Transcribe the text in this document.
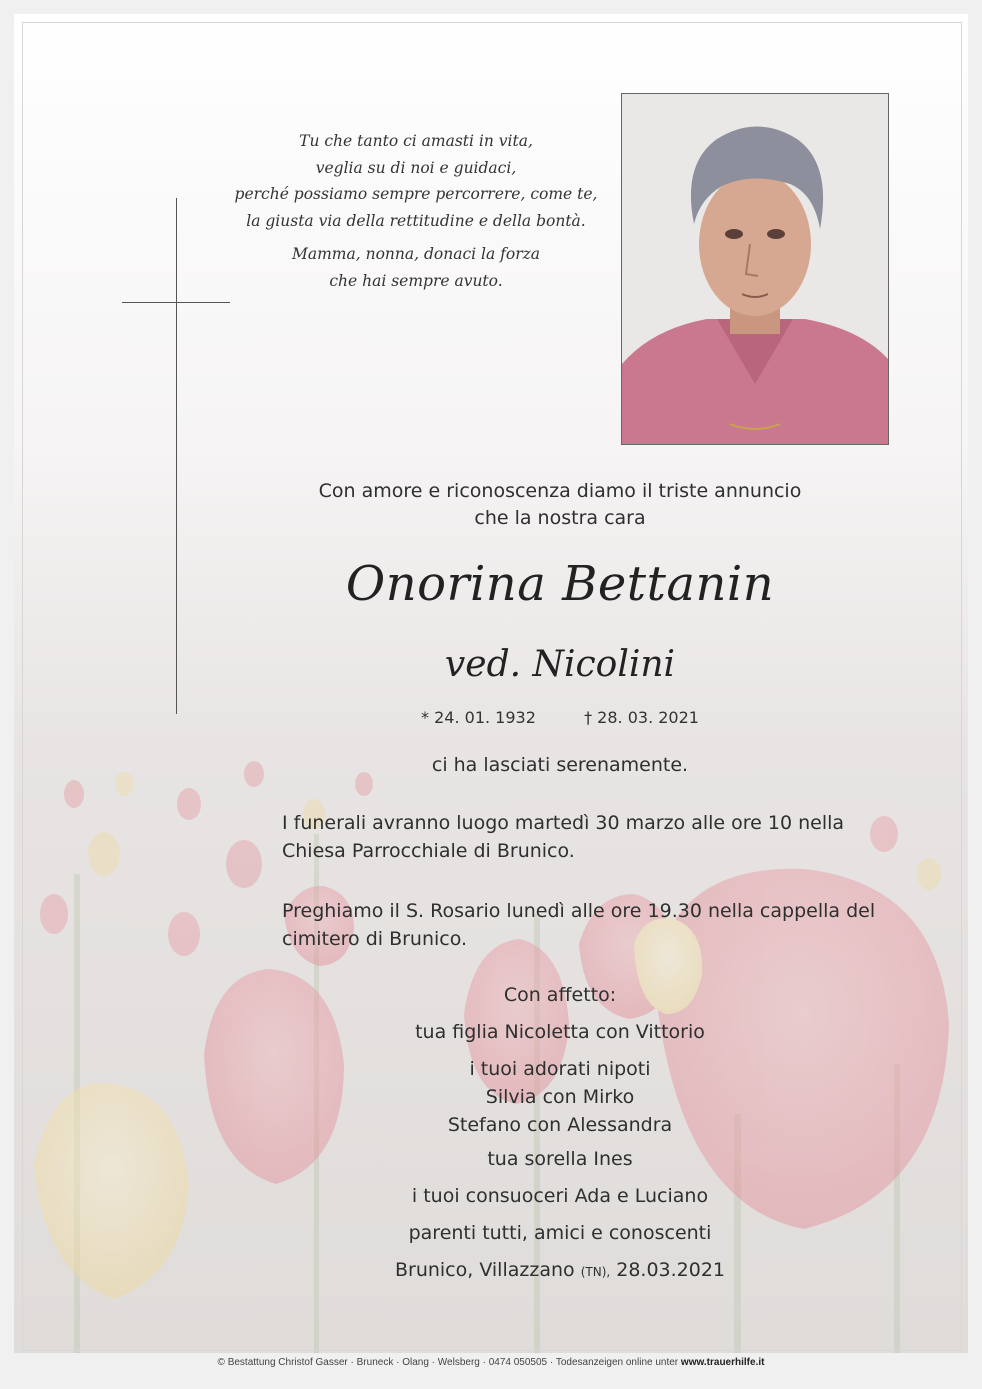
Tu che tanto ci amasti in vita,
veglia su di noi e guidaci,
perché possiamo sempre percorrere, come te,
la giusta via della rettitudine e della bontà.
Mamma, nonna, donaci la forza
che hai sempre avuto.
Con amore e riconoscenza diamo il triste annuncio
che la nostra cara
Onorina Bettanin
ved. Nicolini
* 24. 01. 1932	† 28. 03. 2021
ci ha lasciati serenamente.
I funerali avranno luogo martedì 30 marzo alle ore 10 nella
Chiesa Parrocchiale di Brunico.
Preghiamo il S. Rosario lunedì alle ore 19.30 nella cappella del
cimitero di Brunico.
Con affetto:
tua figlia Nicoletta con Vittorio
i tuoi adorati nipoti
Silvia con Mirko
Stefano con Alessandra
tua sorella Ines
i tuoi consuoceri Ada e Luciano
parenti tutti, amici e conoscenti
Brunico, Villazzano (TN), 28.03.2021
© Bestattung Christof Gasser · Bruneck · Olang · Welsberg · 0474 050505 · Todesanzeigen online unter www.trauerhilfe.it
